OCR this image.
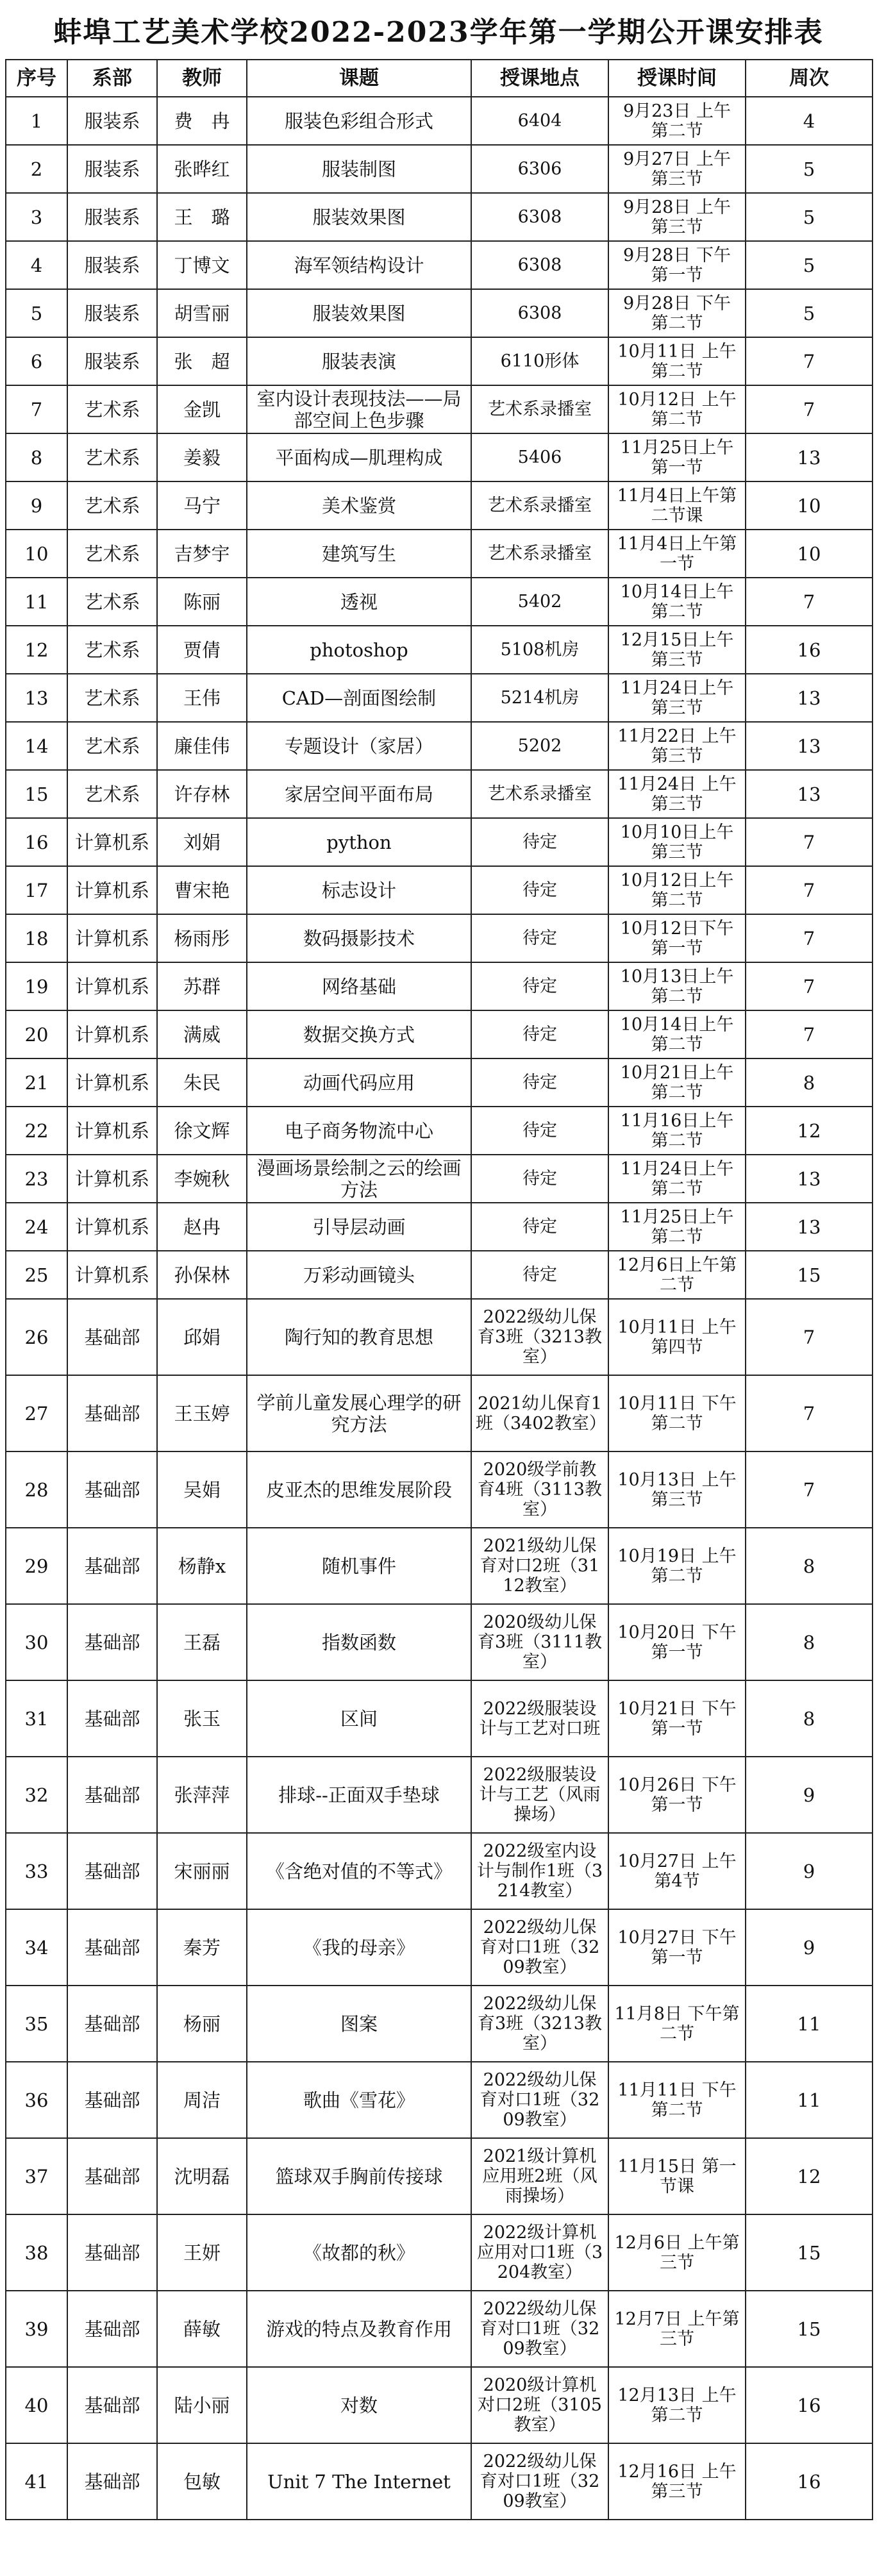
蚌埠工艺美术学校2022-2023学年第一学期公开课安排表
序号	系部	教师	课题	授课地点	授课时间	周次
1	服装系	费　冉	服装色彩组合形式	6404	9月23日 上午 第二节	4
2	服装系	张晔红	服装制图	6306	9月27日 上午 第三节	5
3	服装系	王　璐	服装效果图	6308	9月28日 上午 第三节	5
4	服装系	丁博文	海军领结构设计	6308	9月28日 下午 第一节	5
5	服装系	胡雪丽	服装效果图	6308	9月28日 下午 第二节	5
6	服装系	张　超	服装表演	6110形体	10月11日 上午 第二节	7
7	艺术系	金凯	室内设计表现技法——局部空间上色步骤	艺术系录播室	10月12日 上午 第二节	7
8	艺术系	姜毅	平面构成—肌理构成	5406	11月25日上午第一节	13
9	艺术系	马宁	美术鉴赏	艺术系录播室	11月4日上午第二节课	10
10	艺术系	吉梦宇	建筑写生	艺术系录播室	11月4日上午第一节	10
11	艺术系	陈丽	透视	5402	10月14日上午第二节	7
12	艺术系	贾倩	photoshop	5108机房	12月15日上午第三节	16
13	艺术系	王伟	CAD—剖面图绘制	5214机房	11月24日上午第三节	13
14	艺术系	廉佳伟	专题设计（家居）	5202	11月22日 上午第三节	13
15	艺术系	许存林	家居空间平面布局	艺术系录播室	11月24日 上午第三节	13
16	计算机系	刘娟	python	待定	10月10日上午第三节	7
17	计算机系	曹宋艳	标志设计	待定	10月12日上午第二节	7
18	计算机系	杨雨彤	数码摄影技术	待定	10月12日下午第一节	7
19	计算机系	苏群	网络基础	待定	10月13日上午第二节	7
20	计算机系	满威	数据交换方式	待定	10月14日上午第二节	7
21	计算机系	朱民	动画代码应用	待定	10月21日上午第二节	8
22	计算机系	徐文辉	电子商务物流中心	待定	11月16日上午第二节	12
23	计算机系	李婉秋	漫画场景绘制之云的绘画方法	待定	11月24日上午第二节	13
24	计算机系	赵冉	引导层动画	待定	11月25日上午第二节	13
25	计算机系	孙保林	万彩动画镜头	待定	12月6日上午第二节	15
26	基础部	邱娟	陶行知的教育思想	2022级幼儿保育3班（3213教室）	10月11日 上午第四节	7
27	基础部	王玉婷	学前儿童发展心理学的研究方法	2021幼儿保育1班（3402教室）	10月11日 下午第二节	7
28	基础部	吴娟	皮亚杰的思维发展阶段	2020级学前教育4班（3113教室）	10月13日 上午第三节	7
29	基础部	杨静x	随机事件	2021级幼儿保育对口2班（3112教室）	10月19日 上午第二节	8
30	基础部	王磊	指数函数	2020级幼儿保育3班（3111教室）	10月20日 下午第一节	8
31	基础部	张玉	区间	2022级服装设计与工艺对口班	10月21日 下午第一节	8
32	基础部	张萍萍	排球--正面双手垫球	2022级服装设计与工艺（风雨操场）	10月26日 下午第一节	9
33	基础部	宋丽丽	《含绝对值的不等式》	2022级室内设计与制作1班（3214教室）	10月27日 上午第4节	9
34	基础部	秦芳	《我的母亲》	2022级幼儿保育对口1班（3209教室）	10月27日 下午第一节	9
35	基础部	杨丽	图案	2022级幼儿保育3班（3213教室）	11月8日 下午第二节	11
36	基础部	周洁	歌曲《雪花》	2022级幼儿保育对口1班（3209教室）	11月11日 下午第二节	11
37	基础部	沈明磊	篮球双手胸前传接球	2021级计算机应用班2班（风雨操场）	11月15日 第一节课	12
38	基础部	王妍	《故都的秋》	2022级计算机应用对口1班（3204教室）	12月6日 上午第三节	15
39	基础部	薛敏	游戏的特点及教育作用	2022级幼儿保育对口1班（3209教室）	12月7日 上午第三节	15
40	基础部	陆小丽	对数	2020级计算机对口2班（3105教室）	12月13日 上午第二节	16
41	基础部	包敏	Unit 7 The Internet	2022级幼儿保育对口1班（3209教室）	12月16日 上午第三节	16
